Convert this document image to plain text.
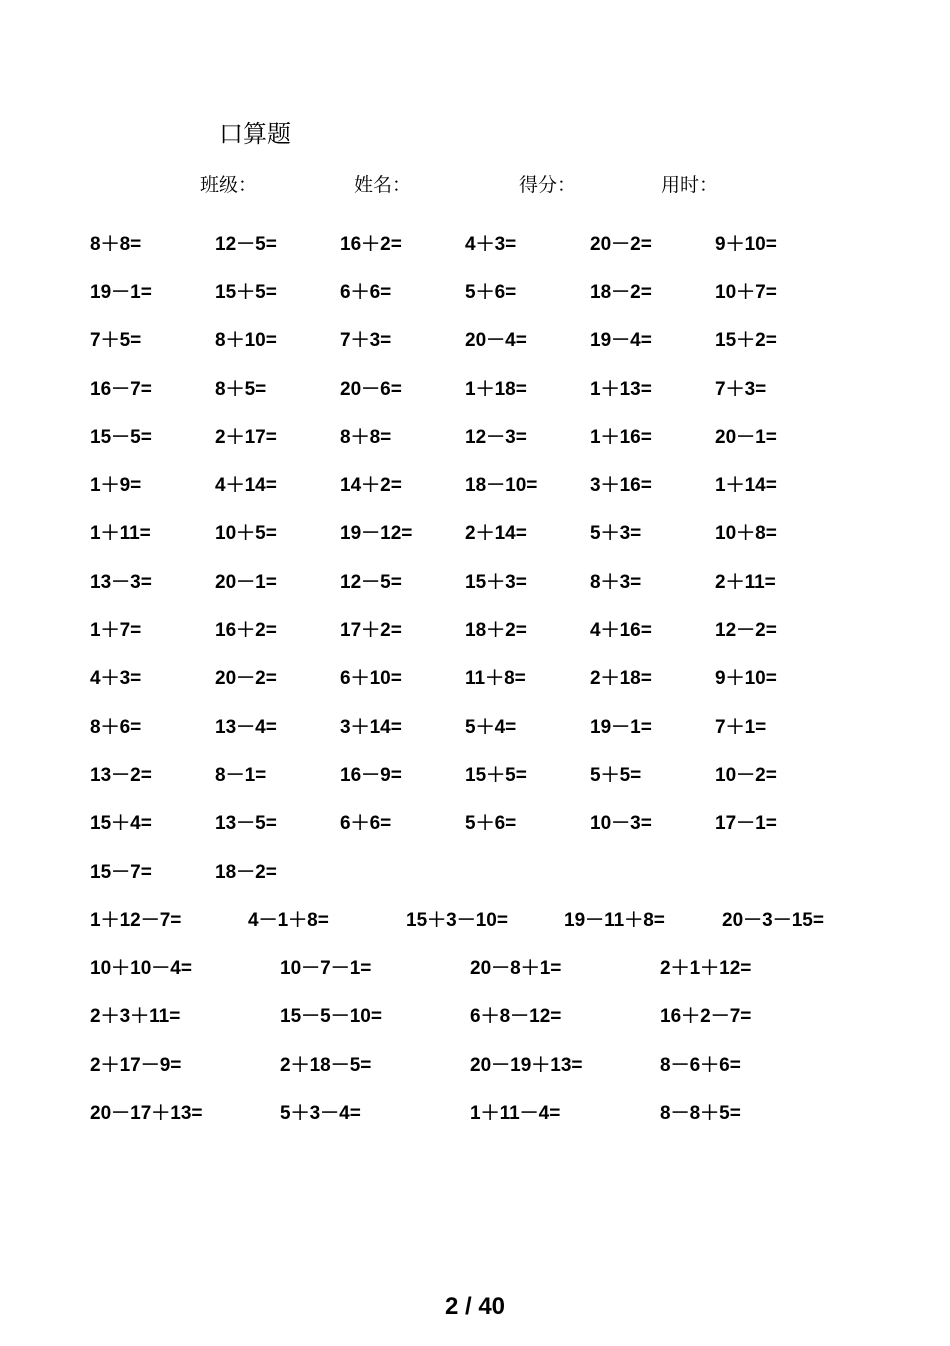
口算题
班级：	姓名：	得分：	用时：
8＋8=	12－5=	16＋2=	4＋3=	20－2=	9＋10=
19－1=	15＋5=	6＋6=	5＋6=	18－2=	10＋7=
7＋5=	8＋10=	7＋3=	20－4=	19－4=	15＋2=
16－7=	8＋5=	20－6=	1＋18=	1＋13=	7＋3=
15－5=	2＋17=	8＋8=	12－3=	1＋16=	20－1=
1＋9=	4＋14=	14＋2=	18－10=	3＋16=	1＋14=
1＋11=	10＋5=	19－12=	2＋14=	5＋3=	10＋8=
13－3=	20－1=	12－5=	15＋3=	8＋3=	2＋11=
1＋7=	16＋2=	17＋2=	18＋2=	4＋16=	12－2=
4＋3=	20－2=	6＋10=	11＋8=	2＋18=	9＋10=
8＋6=	13－4=	3＋14=	5＋4=	19－1=	7＋1=
13－2=	8－1=	16－9=	15＋5=	5＋5=	10－2=
15＋4=	13－5=	6＋6=	5＋6=	10－3=	17－1=
15－7=	18－2=
1＋12－7=	4－1＋8=	15＋3－10=	19－11＋8=	20－3－15=
10＋10－4=	10－7－1=	20－8＋1=	2＋1＋12=
2＋3＋11=	15－5－10=	6＋8－12=	16＋2－7=
2＋17－9=	2＋18－5=	20－19＋13=	8－6＋6=
20－17＋13=	5＋3－4=	1＋11－4=	8－8＋5=
2 / 40
